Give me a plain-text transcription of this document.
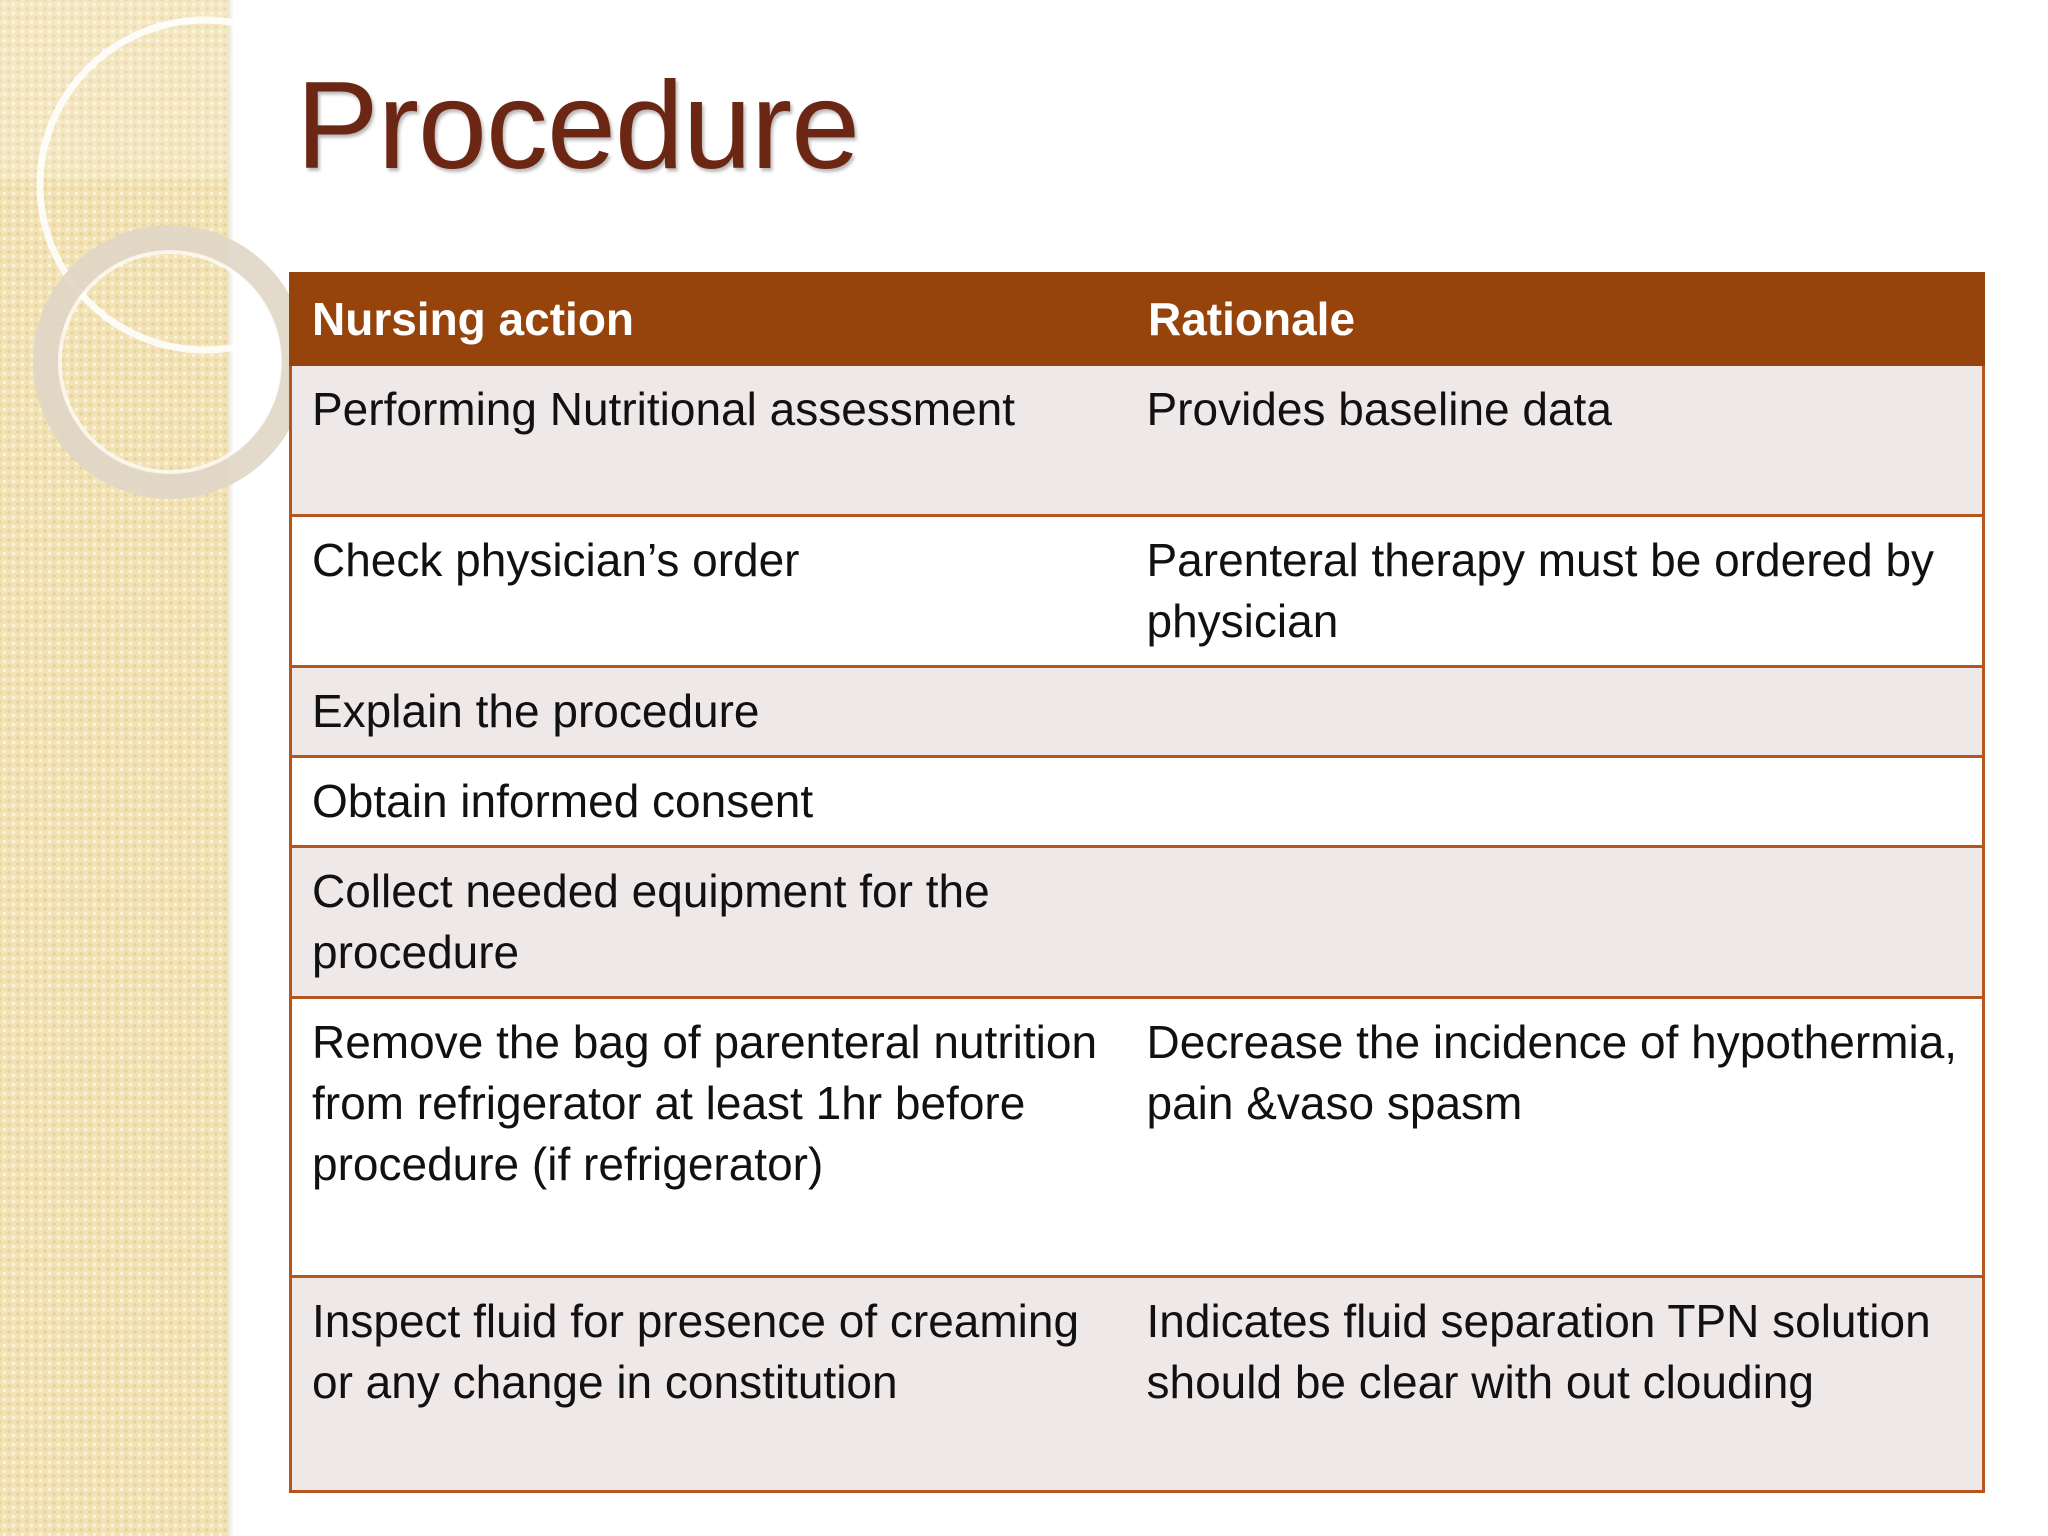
Procedure
Nursing action	Rationale
Performing Nutritional assessment	Provides baseline data
Check physician’s order	Parenteral therapy must be ordered by physician
Explain the procedure	
Obtain informed consent	
Collect needed equipment for the procedure	
Remove the bag of parenteral nutrition from refrigerator at least 1hr before procedure (if refrigerator)	Decrease the incidence of hypothermia, pain &vaso spasm
Inspect fluid for presence of creaming or any change in constitution	Indicates fluid separation TPN solution should be clear with out clouding
